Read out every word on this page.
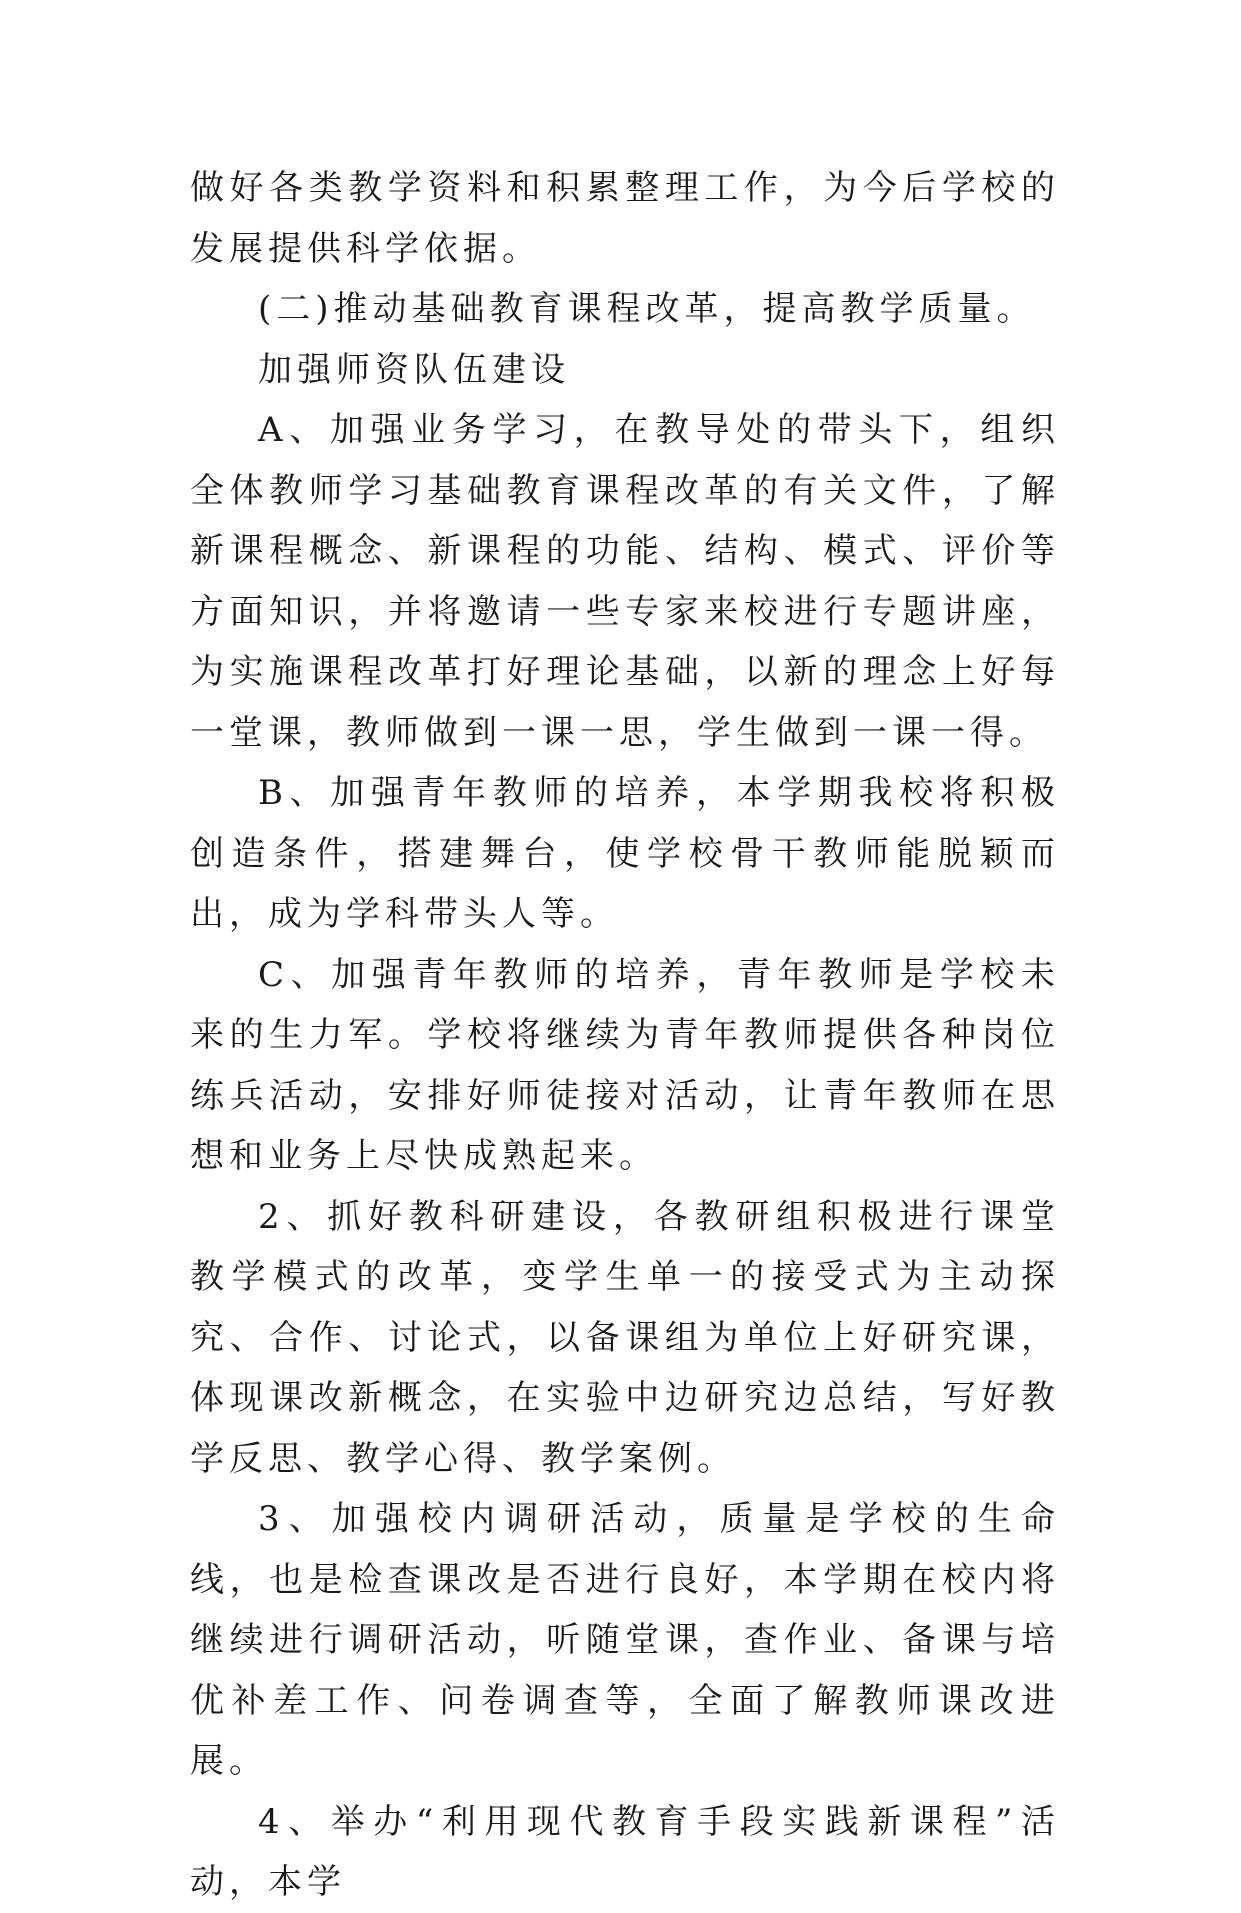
做好各类教学资料和积累整理工作，为今后学校的发展提供科学依据。

(二)推动基础教育课程改革，提高教学质量。

加强师资队伍建设

A、加强业务学习，在教导处的带头下，组织全体教师学习基础教育课程改革的有关文件，了解新课程概念、新课程的功能、结构、模式、评价等方面知识，并将邀请一些专家来校进行专题讲座，为实施课程改革打好理论基础，以新的理念上好每一堂课，教师做到一课一思，学生做到一课一得。

B、加强青年教师的培养，本学期我校将积极创造条件，搭建舞台，使学校骨干教师能脱颖而出，成为学科带头人等。

C、加强青年教师的培养，青年教师是学校未来的生力军。学校将继续为青年教师提供各种岗位练兵活动，安排好师徒接对活动，让青年教师在思想和业务上尽快成熟起来。

2、抓好教科研建设，各教研组积极进行课堂教学模式的改革，变学生单一的接受式为主动探究、合作、讨论式，以备课组为单位上好研究课，体现课改新概念，在实验中边研究边总结，写好教学反思、教学心得、教学案例。

3、加强校内调研活动，质量是学校的生命线，也是检查课改是否进行良好，本学期在校内将继续进行调研活动，听随堂课，查作业、备课与培优补差工作、问卷调查等，全面了解教师课改进展。

4、举办“利用现代教育手段实践新课程”活动，本学
